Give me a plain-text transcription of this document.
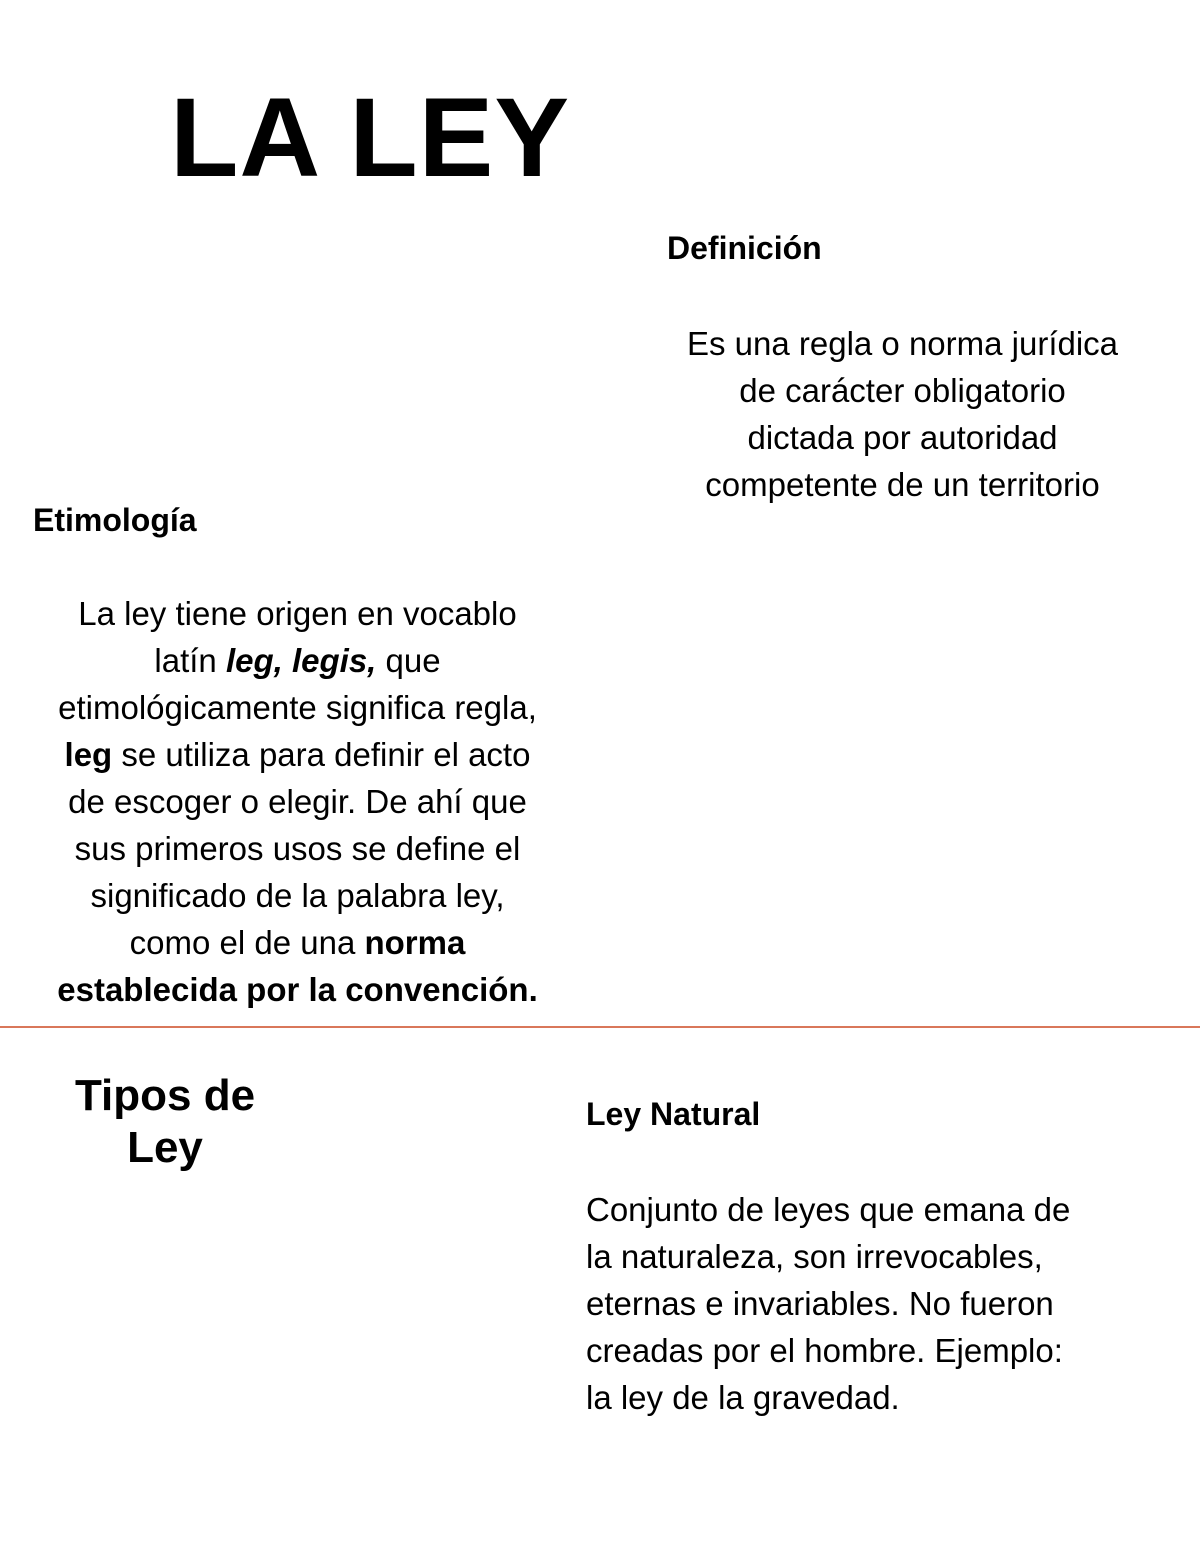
LA LEY
Definición
Es una regla o norma jurídica
de carácter obligatorio
dictada por autoridad
competente de un territorio
Etimología
La ley tiene origen en vocablo
latín leg, legis, que
etimológicamente significa regla,
leg se utiliza para definir el acto
de escoger o elegir. De ahí que
sus primeros usos se define el
significado de la palabra ley,
como el de una norma
establecida por la convención.
Tipos de
Ley
Ley Natural
Conjunto de leyes que emana de
la naturaleza, son irrevocables,
eternas e invariables. No fueron
creadas por el hombre. Ejemplo:
la ley de la gravedad.
